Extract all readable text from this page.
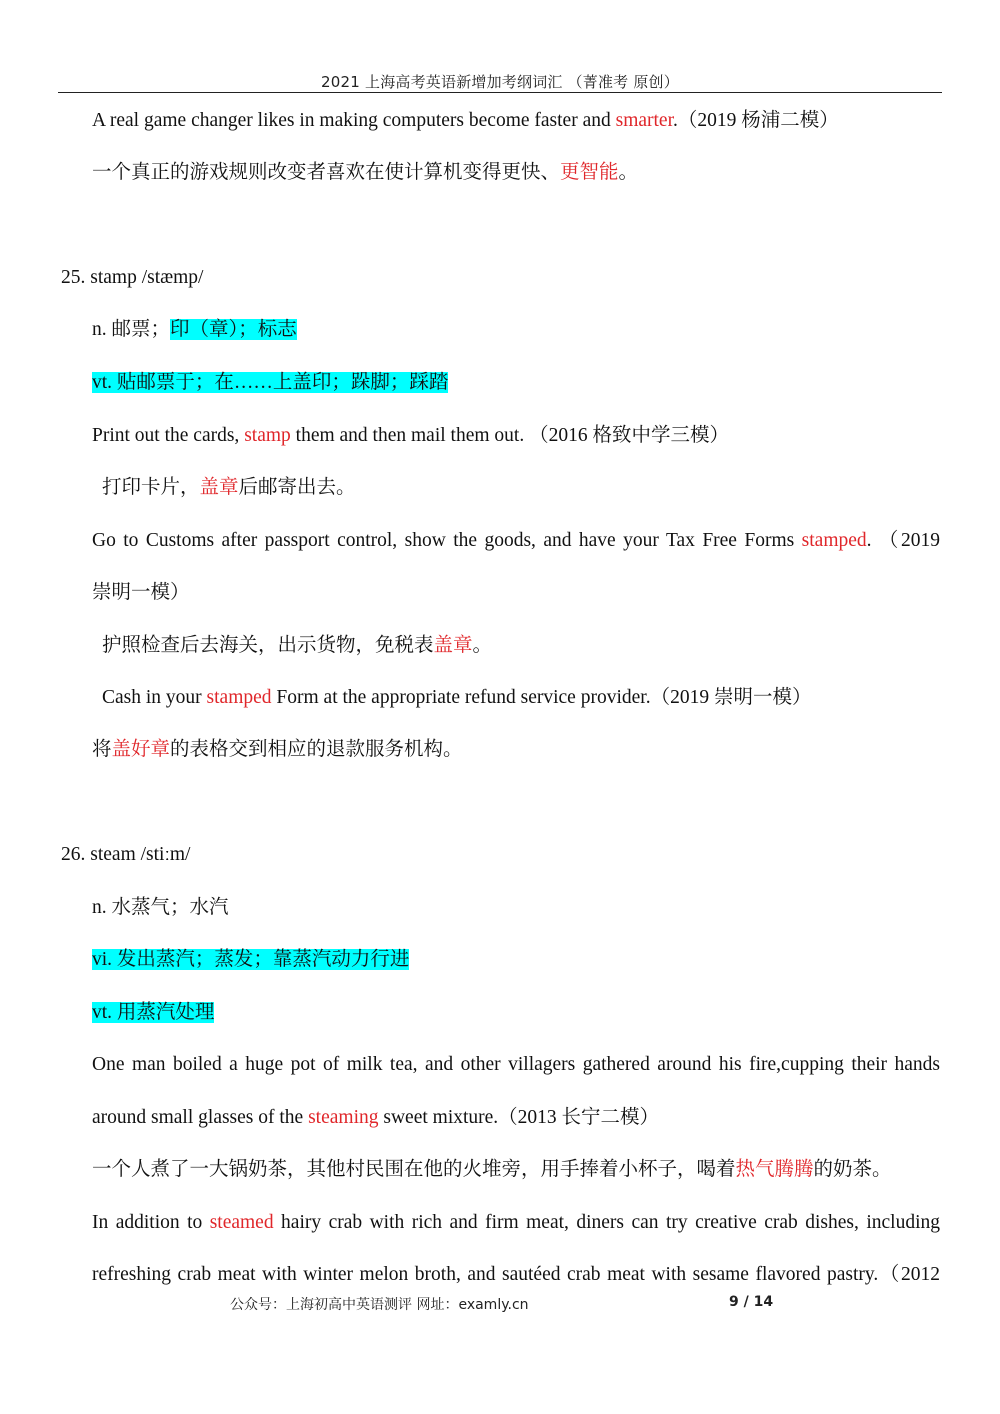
2021 上海高考英语新增加考纲词汇 （菁准考 原创）
A real game changer likes in making computers become faster and smarter.（2019 杨浦二模）
一个真正的游戏规则改变者喜欢在使计算机变得更快、更智能。
25. stamp /stæmp/
n. 邮票；印（章）；标志
vt. 贴邮票于；在……上盖印；跺脚；踩踏
Print out the cards, stamp them and then mail them out. （2016 格致中学三模）
打印卡片，盖章后邮寄出去。
Go to Customs after passport control, show the goods, and have your Tax Free Forms stamped. （2019
崇明一模）
护照检查后去海关，出示货物，免税表盖章。
Cash in your stamped Form at the appropriate refund service provider.（2019 崇明一模）
将盖好章的表格交到相应的退款服务机构。
26. steam /stiːm/
n. 水蒸气；水汽
vi. 发出蒸汽；蒸发；靠蒸汽动力行进
vt. 用蒸汽处理
One man boiled a huge pot of milk tea, and other villagers gathered around his fire,cupping their hands
around small glasses of the steaming sweet mixture.（2013 长宁二模）
一个人煮了一大锅奶茶，其他村民围在他的火堆旁，用手捧着小杯子，喝着热气腾腾的奶茶。
In addition to steamed hairy crab with rich and firm meat, diners can try creative crab dishes, including
refreshing crab meat with winter melon broth, and sautéed crab meat with sesame flavored pastry.（2012
公众号：上海初高中英语测评 网址：examly.cn	9 / 14
